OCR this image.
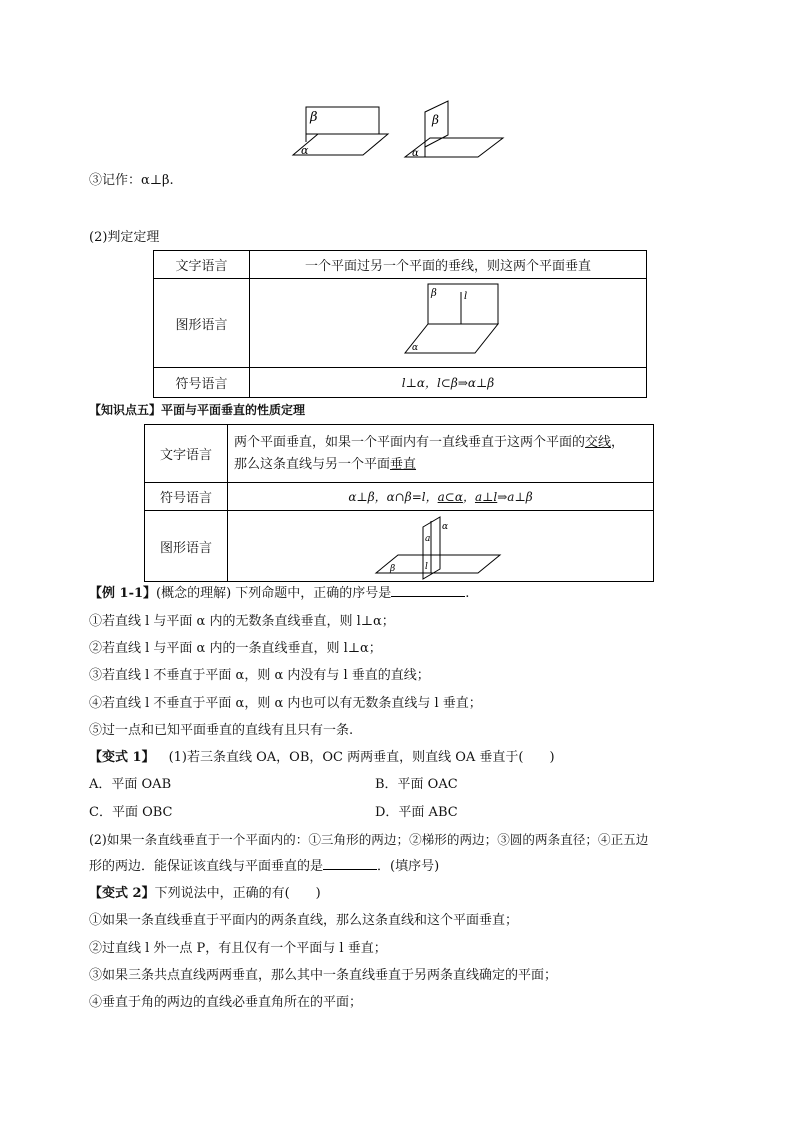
β
α
β
α
③记作：α⊥β.
(2)判定定理
文字语言	一个平面过另一个平面的垂线，则这两个平面垂直
图形语言	β l
α

符号语言	l⊥α，l⊂β⇒α⊥β
【知识点五】平面与平面垂直的性质定理
文字语言	两个平面垂直，如果一个平面内有一直线垂直于这两个平面的交线，
那么这条直线与另一个平面垂直

符号语言	α⊥β，α∩β=l，a⊂α，a⊥l⇒a⊥β
图形语言	α
a
l
β
【例 1-1】(概念的理解) 下列命题中，正确的序号是	.
①若直线 l 与平面 α 内的无数条直线垂直，则 l⊥α；
②若直线 l 与平面 α 内的一条直线垂直，则 l⊥α；
③若直线 l 不垂直于平面 α，则 α 内没有与 l 垂直的直线；
④若直线 l 不垂直于平面 α，则 α 内也可以有无数条直线与 l 垂直；
⑤过一点和已知平面垂直的直线有且只有一条.
【变式 1】 (1)若三条直线 OA，OB，OC 两两垂直，则直线 OA 垂直于(　　)
A．平面 OAB	B．平面 OAC
C．平面 OBC	D．平面 ABC
(2)如果一条直线垂直于一个平面内的：①三角形的两边；②梯形的两边；③圆的两条直径；④正五边
形的两边．能保证该直线与平面垂直的是	．(填序号)
【变式 2】下列说法中，正确的有(　　)
①如果一条直线垂直于平面内的两条直线，那么这条直线和这个平面垂直；
②过直线 l 外一点 P，有且仅有一个平面与 l 垂直；
③如果三条共点直线两两垂直，那么其中一条直线垂直于另两条直线确定的平面；
④垂直于角的两边的直线必垂直角所在的平面；
